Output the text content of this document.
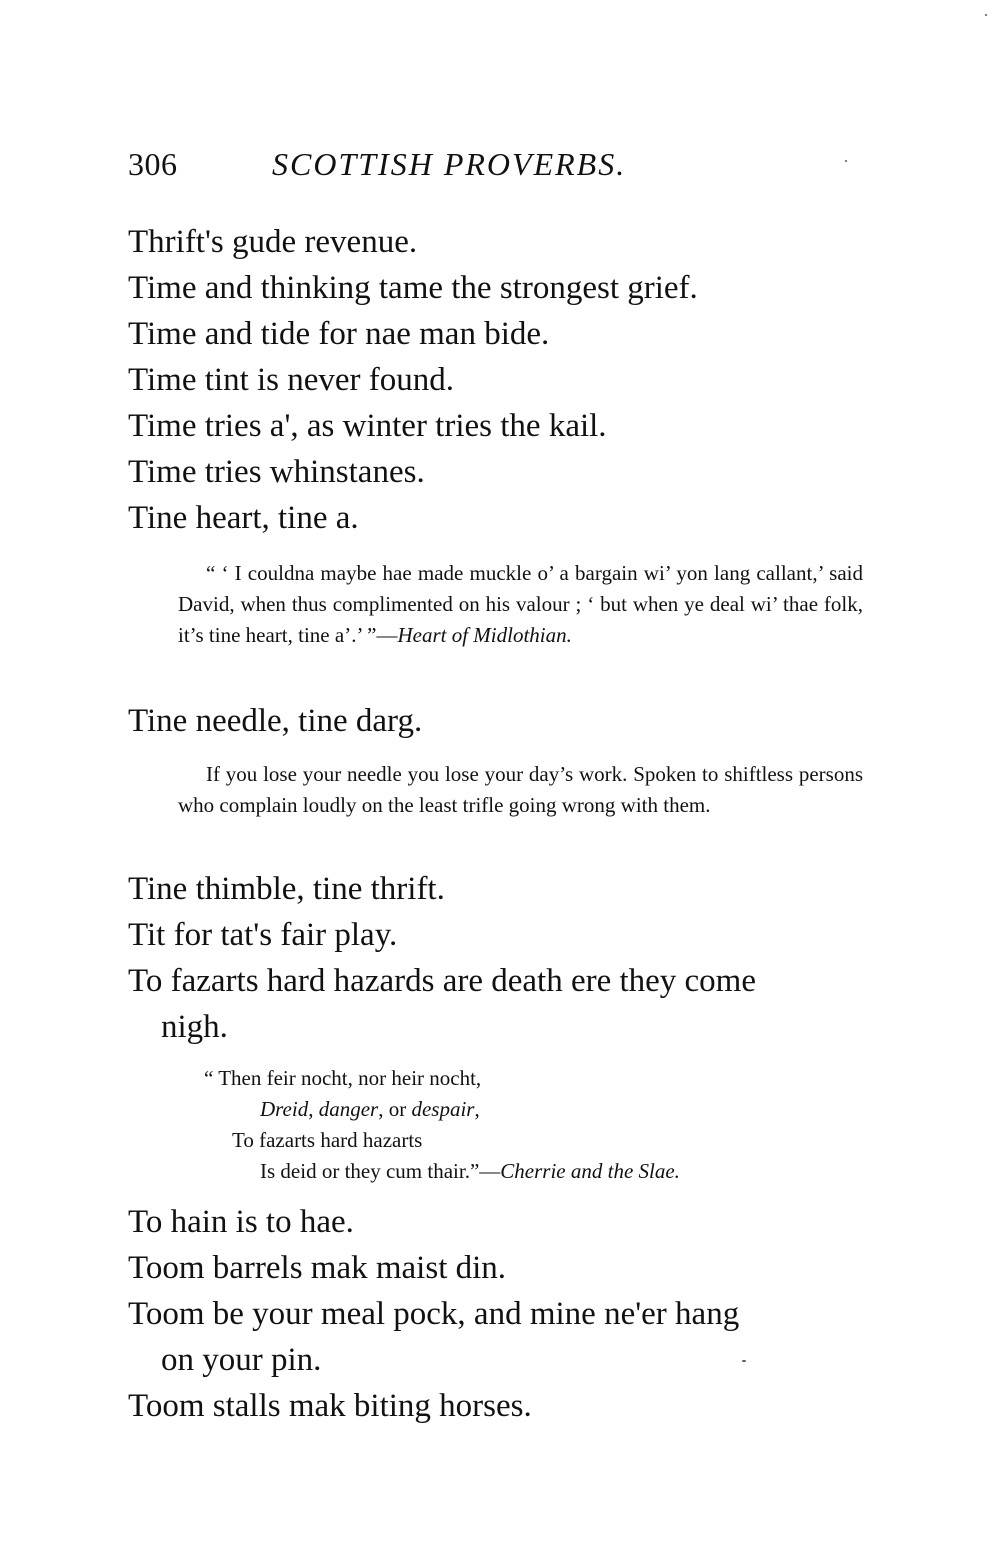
306	SCOTTISH PROVERBS.
Thrift's gude revenue.
Time and thinking tame the strongest grief.
Time and tide for nae man bide.
Time tint is never found.
Time tries a', as winter tries the kail.
Time tries whinstanes.
Tine heart, tine a.

“ ‘ I couldna maybe hae made muckle o’ a bargain wi’ yon lang callant,’ said David, when thus complimented on his valour ; ‘ but when ye deal wi’ thae folk, it’s tine heart, tine a’.’ ”—Heart of Midlothian.

Tine needle, tine darg.

If you lose your needle you lose your day’s work. Spoken to shiftless persons who complain loudly on the least trifle going wrong with them.

Tine thimble, tine thrift.
Tit for tat's fair play.
To fazarts hard hazards are death ere they come
nigh.
“ Then feir nocht, nor heir nocht,
Dreid, danger, or despair,
To fazarts hard hazarts
Is deid or they cum thair.”—Cherrie and the Slae.
To hain is to hae.
Toom barrels mak maist din.
Toom be your meal pock, and mine ne'er hang
on your pin.
Toom stalls mak biting horses.
